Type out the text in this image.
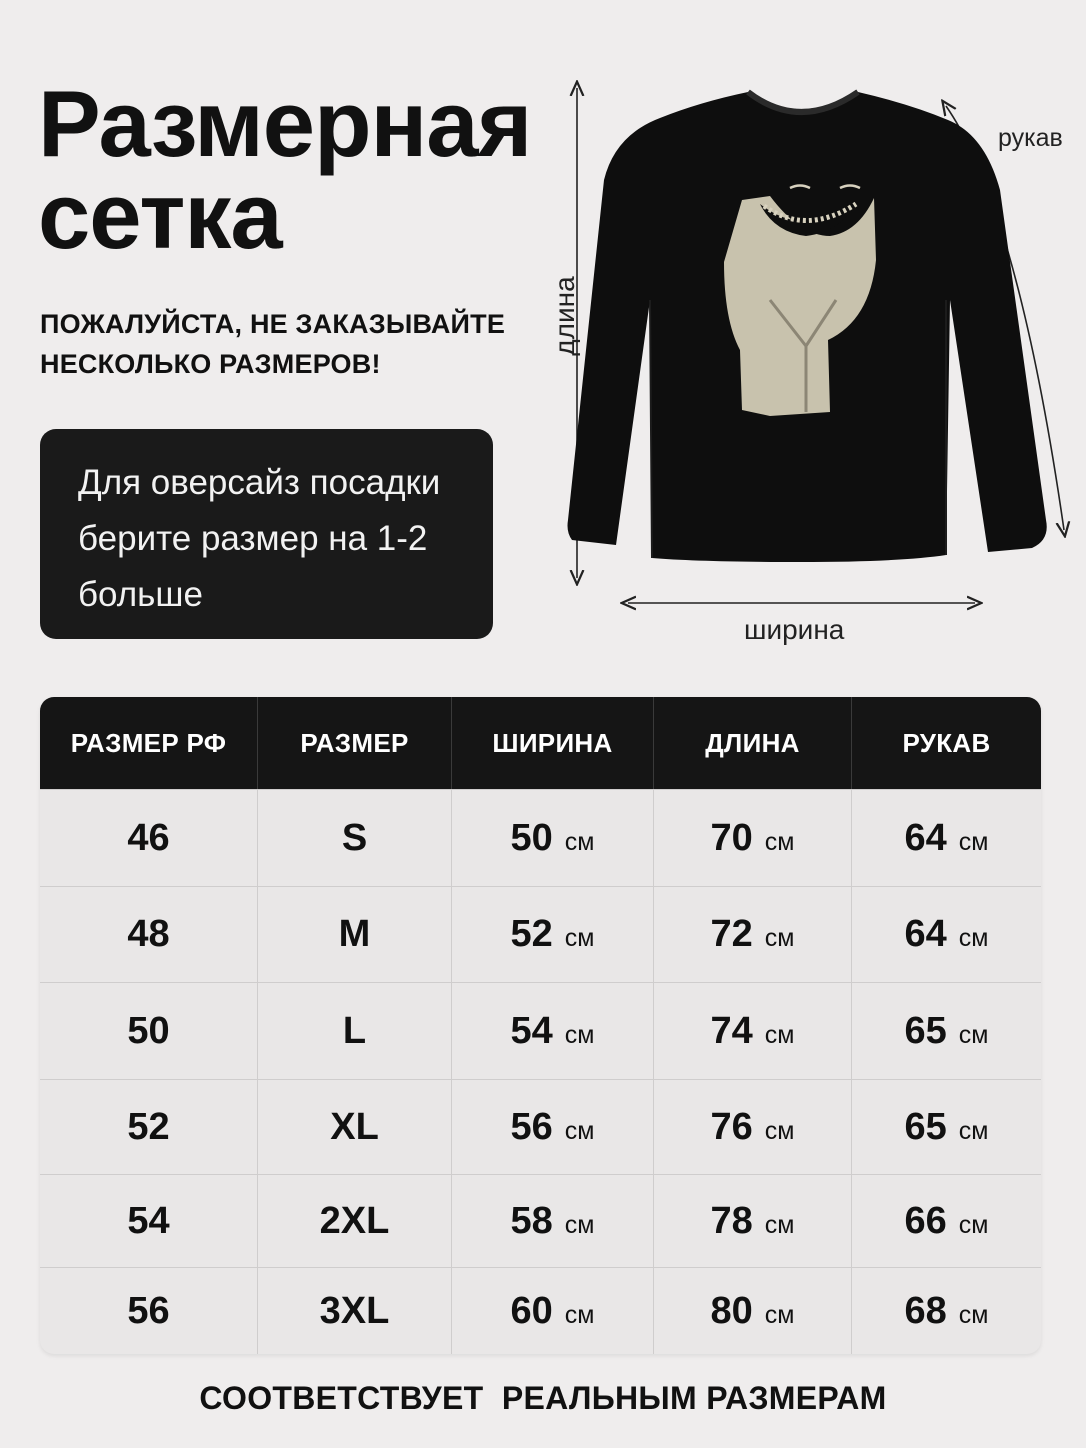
Размерная
сетка
ПОЖАЛУЙСТА, НЕ ЗАКАЗЫВАЙТЕ
НЕСКОЛЬКО РАЗМЕРОВ!
Для оверсайз посадки
берите размер на 1-2
больше
рукав
длина
ширина
РАЗМЕР РФ	РАЗМЕР	ШИРИНА	ДЛИНА	РУКАВ
46	S	50 см	70 см	64 см
48	M	52 см	72 см	64 см
50	L	54 см	74 см	65 см
52	XL	56 см	76 см	65 см
54	2XL	58 см	78 см	66 см
56	3XL	60 см	80 см	68 см
СООТВЕТСТВУЕТ  РЕАЛЬНЫМ РАЗМЕРАМ
